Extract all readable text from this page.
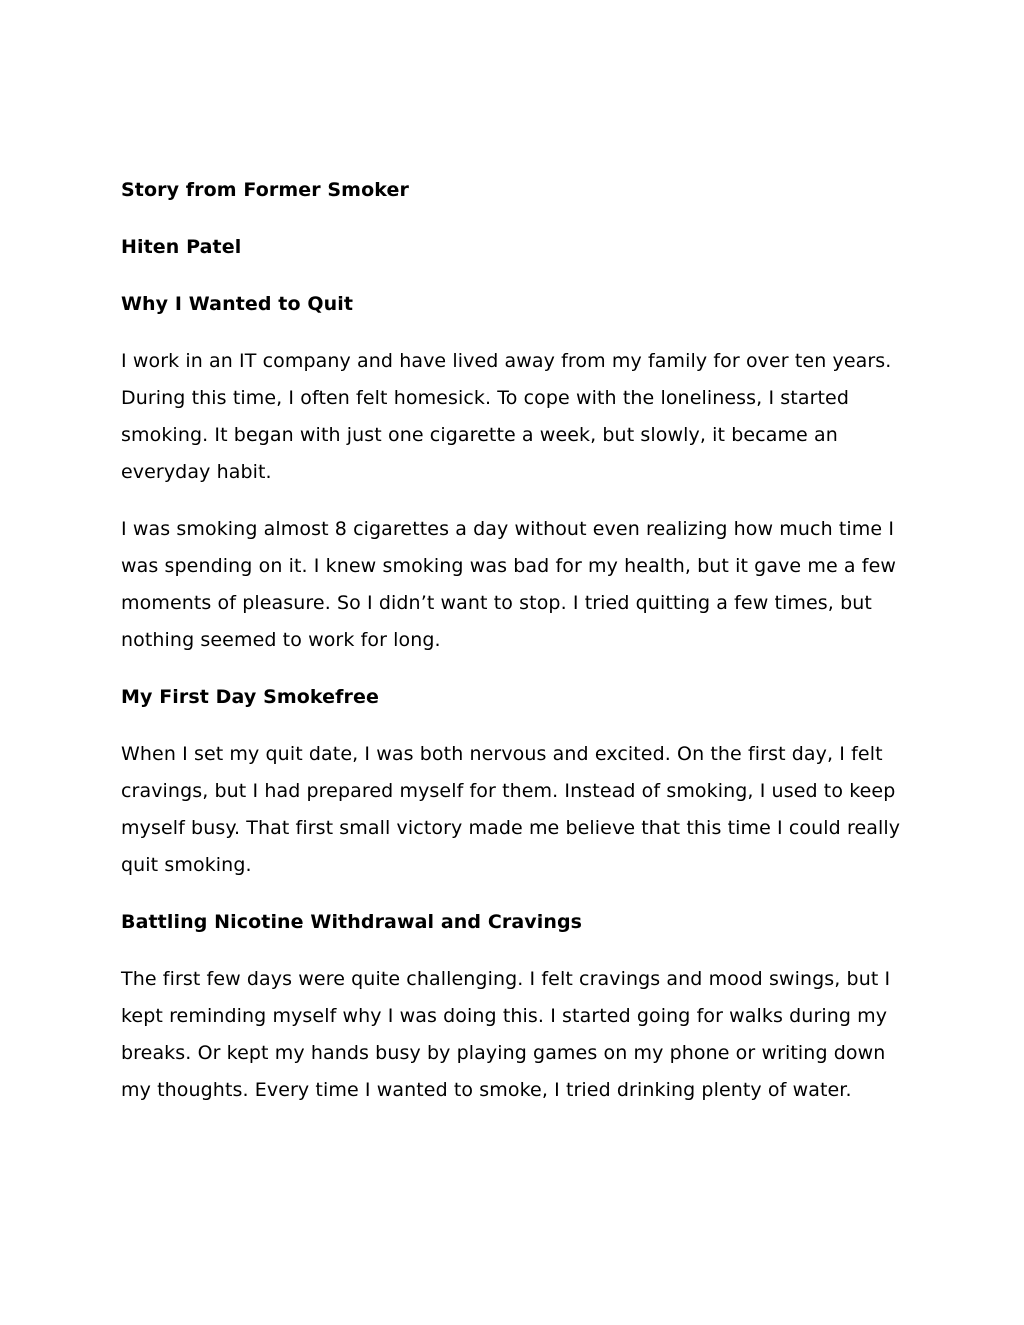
Story from Former Smoker

Hiten Patel

Why I Wanted to Quit

I work in an IT company and have lived away from my family for over ten years. During this time, I often felt homesick. To cope with the loneliness, I started smoking. It began with just one cigarette a week, but slowly, it became an everyday habit.

I was smoking almost 8 cigarettes a day without even realizing how much time I was spending on it. I knew smoking was bad for my health, but it gave me a few moments of pleasure. So I didn’t want to stop. I tried quitting a few times, but nothing seemed to work for long.

My First Day Smokefree

When I set my quit date, I was both nervous and excited. On the first day, I felt cravings, but I had prepared myself for them. Instead of smoking, I used to keep myself busy. That first small victory made me believe that this time I could really quit smoking.

Battling Nicotine Withdrawal and Cravings

The first few days were quite challenging. I felt cravings and mood swings, but I kept reminding myself why I was doing this. I started going for walks during my breaks. Or kept my hands busy by playing games on my phone or writing down my thoughts. Every time I wanted to smoke, I tried drinking plenty of water.
